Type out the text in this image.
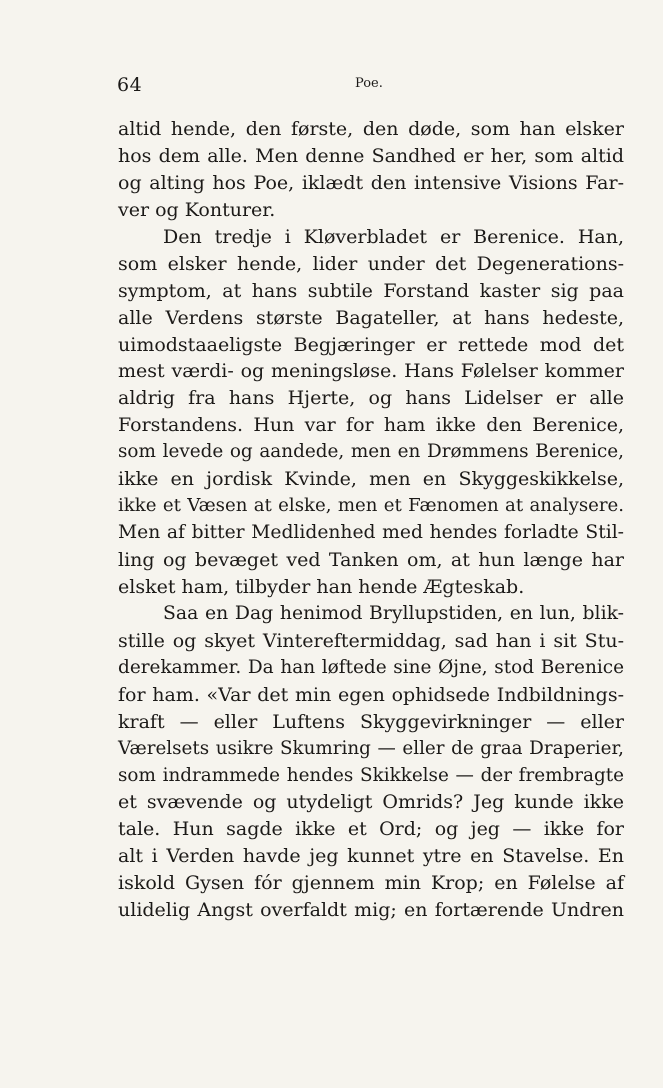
64	Poe.
altid hende, den første, den døde, som han elsker
hos dem alle. Men denne Sandhed er her, som altid
og alting hos Poe, iklædt den intensive Visions Far-
ver og Konturer.
Den tredje i Kløverbladet er Berenice. Han,
som elsker hende, lider under det Degenerations-
symptom, at hans subtile Forstand kaster sig paa
alle Verdens største Bagateller, at hans hedeste,
uimodstaaeligste Begjæringer er rettede mod det
mest værdi- og meningsløse. Hans Følelser kommer
aldrig fra hans Hjerte, og hans Lidelser er alle
Forstandens. Hun var for ham ikke den Berenice,
som levede og aandede, men en Drømmens Berenice,
ikke en jordisk Kvinde, men en Skyggeskikkelse,
ikke et Væsen at elske, men et Fænomen at analysere.
Men af bitter Medlidenhed med hendes forladte Stil-
ling og bevæget ved Tanken om, at hun længe har
elsket ham, tilbyder han hende Ægteskab.
Saa en Dag henimod Bryllupstiden, en lun, blik-
stille og skyet Vintereftermiddag, sad han i sit Stu-
derekammer. Da han løftede sine Øjne, stod Berenice
for ham. «Var det min egen ophidsede Indbildnings-
kraft — eller Luftens Skyggevirkninger — eller
Værelsets usikre Skumring — eller de graa Draperier,
som indrammede hendes Skikkelse — der frembragte
et svævende og utydeligt Omrids? Jeg kunde ikke
tale. Hun sagde ikke et Ord; og jeg — ikke for
alt i Verden havde jeg kunnet ytre en Stavelse. En
iskold Gysen fór gjennem min Krop; en Følelse af
ulidelig Angst overfaldt mig; en fortærende Undren
